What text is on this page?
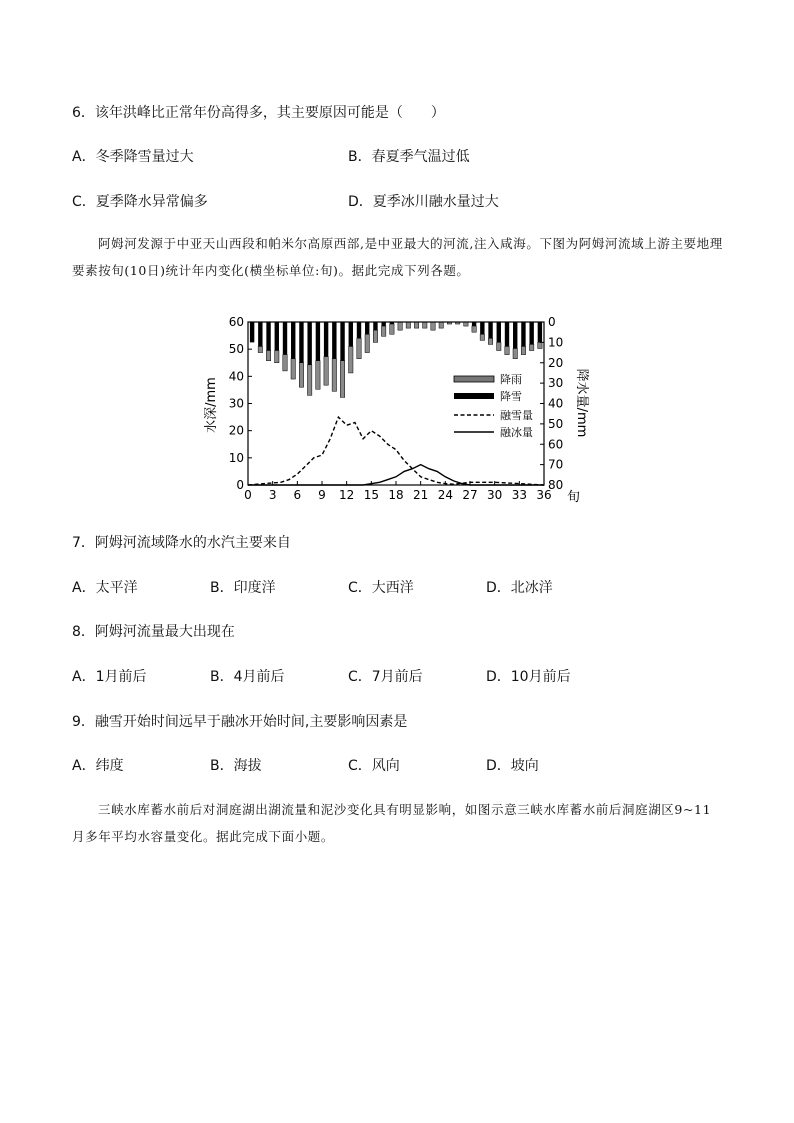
6．该年洪峰比正常年份高得多，其主要原因可能是（　　）
A．冬季降雪量过大	B．春夏季气温过低
C．夏季降水异常偏多	D．夏季冰川融水量过大
阿姆河发源于中亚天山西段和帕米尔高原西部,是中亚最大的河流,注入咸海。下图为阿姆河流域上游主要地理要素按旬(10日)统计年内变化(横坐标单位:旬)。据此完成下列各题。
0 3 6 9 12 15 18 21 24 27 30 33 36
0
10
20
30
40
50
60	0
10
20
30
40
50
60
70
80
水深/mm	降水量/mm
旬
降雨
降雪
融雪量
融冰量
7．阿姆河流域降水的水汽主要来自
A．太平洋	B．印度洋	C．大西洋	D．北冰洋
8．阿姆河流量最大出现在
A．1月前后	B．4月前后	C．7月前后	D．10月前后
9．融雪开始时间远早于融冰开始时间,主要影响因素是
A．纬度	B．海拔	C．风向	D．坡向
三峡水库蓄水前后对洞庭湖出湖流量和泥沙变化具有明显影响，如图示意三峡水库蓄水前后洞庭湖区9~11月多年平均水容量变化。据此完成下面小题。
